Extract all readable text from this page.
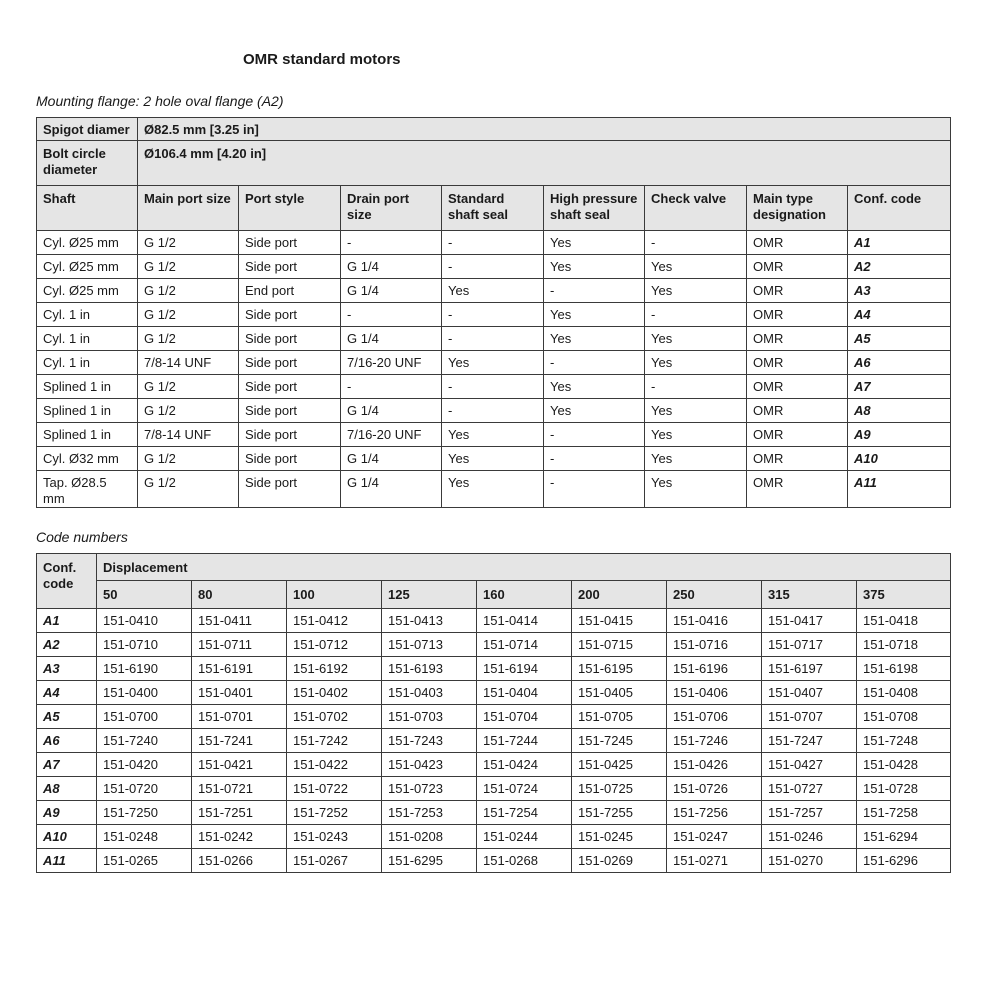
OMR standard motors

Mounting flange: 2 hole oval flange (A2)

Spigot diamer	Ø82.5 mm [3.25 in]							
Bolt circle diameter	Ø106.4 mm [4.20 in]							
Shaft	Main port size	Port style	Drain port size	Standard shaft seal	High pressure shaft seal	Check valve	Main type designation	Conf. code
Cyl. Ø25 mm	G 1/2	Side port	-	-	Yes	-	OMR	A1
Cyl. Ø25 mm	G 1/2	Side port	G 1/4	-	Yes	Yes	OMR	A2
Cyl. Ø25 mm	G 1/2	End port	G 1/4	Yes	-	Yes	OMR	A3
Cyl. 1 in	G 1/2	Side port	-	-	Yes	-	OMR	A4
Cyl. 1 in	G 1/2	Side port	G 1/4	-	Yes	Yes	OMR	A5
Cyl. 1 in	7/8-14 UNF	Side port	7/16-20 UNF	Yes	-	Yes	OMR	A6
Splined 1 in	G 1/2	Side port	-	-	Yes	-	OMR	A7
Splined 1 in	G 1/2	Side port	G 1/4	-	Yes	Yes	OMR	A8
Splined 1 in	7/8-14 UNF	Side port	7/16-20 UNF	Yes	-	Yes	OMR	A9
Cyl. Ø32 mm	G 1/2	Side port	G 1/4	Yes	-	Yes	OMR	A10
Tap. Ø28.5 mm	G 1/2	Side port	G 1/4	Yes	-	Yes	OMR	A11

Code numbers

Conf. code	Displacement								
	50	80	100	125	160	200	250	315	375
A1	151-0410	151-0411	151-0412	151-0413	151-0414	151-0415	151-0416	151-0417	151-0418
A2	151-0710	151-0711	151-0712	151-0713	151-0714	151-0715	151-0716	151-0717	151-0718
A3	151-6190	151-6191	151-6192	151-6193	151-6194	151-6195	151-6196	151-6197	151-6198
A4	151-0400	151-0401	151-0402	151-0403	151-0404	151-0405	151-0406	151-0407	151-0408
A5	151-0700	151-0701	151-0702	151-0703	151-0704	151-0705	151-0706	151-0707	151-0708
A6	151-7240	151-7241	151-7242	151-7243	151-7244	151-7245	151-7246	151-7247	151-7248
A7	151-0420	151-0421	151-0422	151-0423	151-0424	151-0425	151-0426	151-0427	151-0428
A8	151-0720	151-0721	151-0722	151-0723	151-0724	151-0725	151-0726	151-0727	151-0728
A9	151-7250	151-7251	151-7252	151-7253	151-7254	151-7255	151-7256	151-7257	151-7258
A10	151-0248	151-0242	151-0243	151-0208	151-0244	151-0245	151-0247	151-0246	151-6294
A11	151-0265	151-0266	151-0267	151-6295	151-0268	151-0269	151-0271	151-0270	151-6296
